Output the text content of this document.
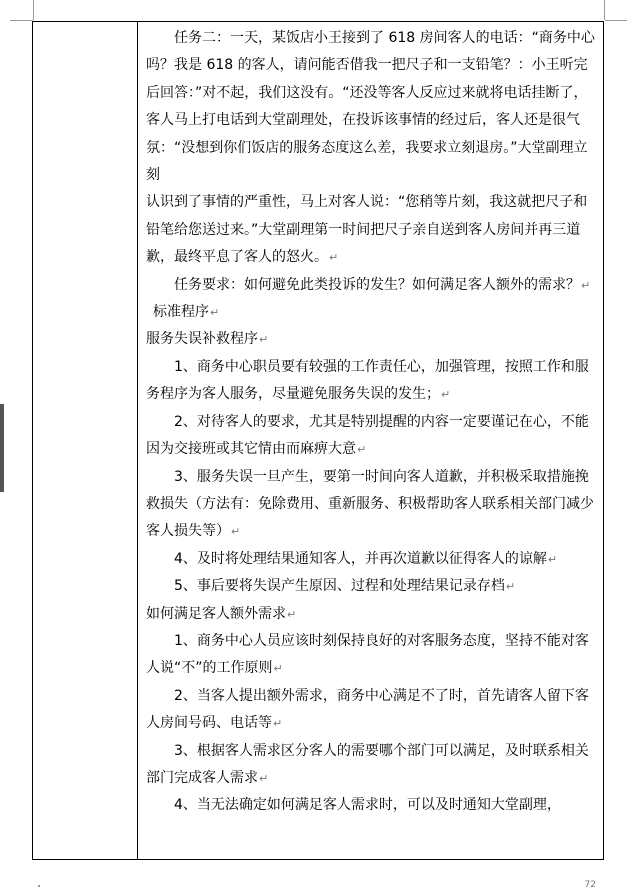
任务二：一天，某饭店小王接到了 618 房间客人的电话：“商务中心吗？我是 618 的客人，请问能否借我一把尺子和一支铅笔？：小王听完后回答：”对不起，我们这没有。“还没等客人反应过来就将电话挂断了，客人马上打电话到大堂副理处，在投诉该事情的经过后，客人还是很气氛：“没想到你们饭店的服务态度这么差，我要求立刻退房。”大堂副理立刻

认识到了事情的严重性，马上对客人说：“您稍等片刻，我这就把尺子和铅笔给您送过来。”大堂副理第一时间把尺子亲自送到客人房间并再三道歉，最终平息了客人的怒火。↵

任务要求：如何避免此类投诉的发生？如何满足客人额外的需求？↵

标准程序↵

服务失误补救程序↵

1、商务中心职员要有较强的工作责任心，加强管理，按照工作和服务程序为客人服务，尽量避免服务失误的发生；↵

2、对待客人的要求，尤其是特别提醒的内容一定要谨记在心，不能因为交接班或其它情由而麻痹大意↵

3、服务失误一旦产生，要第一时间向客人道歉，并积极采取措施挽救损失（方法有：免除费用、重新服务、积极帮助客人联系相关部门减少客人损失等）↵

4、及时将处理结果通知客人，并再次道歉以征得客人的谅解↵

5、事后要将失误产生原因、过程和处理结果记录存档↵

如何满足客人额外需求↵

1、商务中心人员应该时刻保持良好的对客服务态度，坚持不能对客人说“不”的工作原则↵

2、当客人提出额外需求，商务中心满足不了时，首先请客人留下客人房间号码、电话等↵

3、根据客人需求区分客人的需要哪个部门可以满足，及时联系相关部门完成客人需求↵

4、当无法确定如何满足客人需求时，可以及时通知大堂副理，

72
